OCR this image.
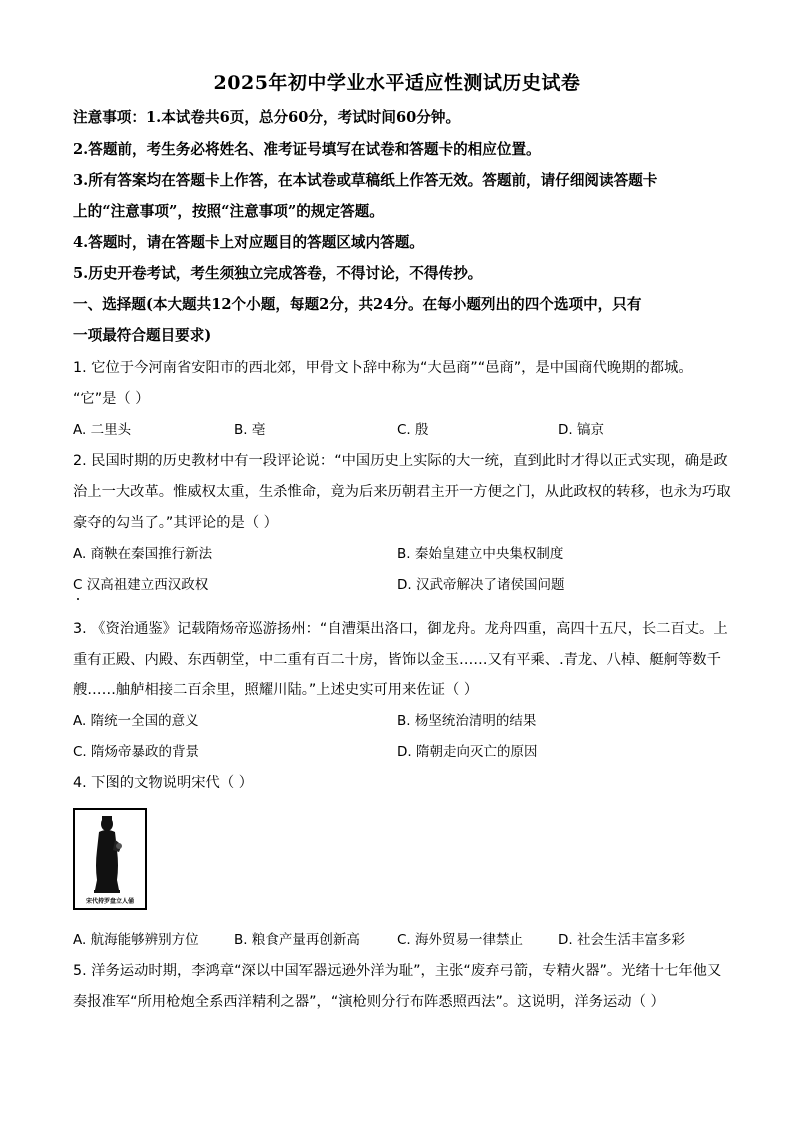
2025年初中学业水平适应性测试历史试卷
注意事项：1.本试卷共6页，总分60分，考试时间60分钟。
2.答题前，考生务必将姓名、准考证号填写在试卷和答题卡的相应位置。
3.所有答案均在答题卡上作答，在本试卷或草稿纸上作答无效。答题前，请仔细阅读答题卡
上的“注意事项”，按照“注意事项”的规定答题。
4.答题时，请在答题卡上对应题目的答题区域内答题。
5.历史开卷考试，考生须独立完成答卷，不得讨论，不得传抄。
一、选择题(本大题共12个小题，每题2分，共24分。在每小题列出的四个选项中，只有
一项最符合题目要求)
1. 它位于今河南省安阳市的西北郊，甲骨文卜辞中称为“大邑商”“邑商”，是中国商代晚期的都城。
“它”是（ ）
A. 二里头	B. 亳	C. 殷	D. 镐京
2. 民国时期的历史教材中有一段评论说：“中国历史上实际的大一统，直到此时才得以正式实现，确是政
治上一大改革。惟威权太重，生杀惟命，竟为后来历朝君主开一方便之门，从此政权的转移，也永为巧取
豪夺的勾当了。”其评论的是（ ）
A. 商鞅在秦国推行新法	B. 秦始皇建立中央集权制度
C 汉高祖建立西汉政权	D. 汉武帝解决了诸侯国问题
3. 《资治通鉴》记载隋炀帝巡游扬州：“自漕渠出洛口，御龙舟。龙舟四重，高四十五尺，长二百丈。上
重有正殿、内殿、东西朝堂，中二重有百二十房，皆饰以金玉……又有平乘、.青龙、八棹、艇舸等数千
艘……舳舻相接二百余里，照耀川陆。”上述史实可用来佐证（ ）
A. 隋统一全国的意义	B. 杨坚统治清明的结果
C. 隋炀帝暴政的背景	D. 隋朝走向灭亡的原因
4. 下图的文物说明宋代（ ）
宋代持罗盘立人俑
A. 航海能够辨别方位	B. 粮食产量再创新高	C. 海外贸易一律禁止	D. 社会生活丰富多彩
5. 洋务运动时期，李鸿章“深以中国军器远逊外洋为耻”，主张“废弃弓箭，专精火器”。光绪十七年他又
奏报准军“所用枪炮全系西洋精利之器”，“演枪则分行布阵悉照西法”。这说明，洋务运动（ ）
